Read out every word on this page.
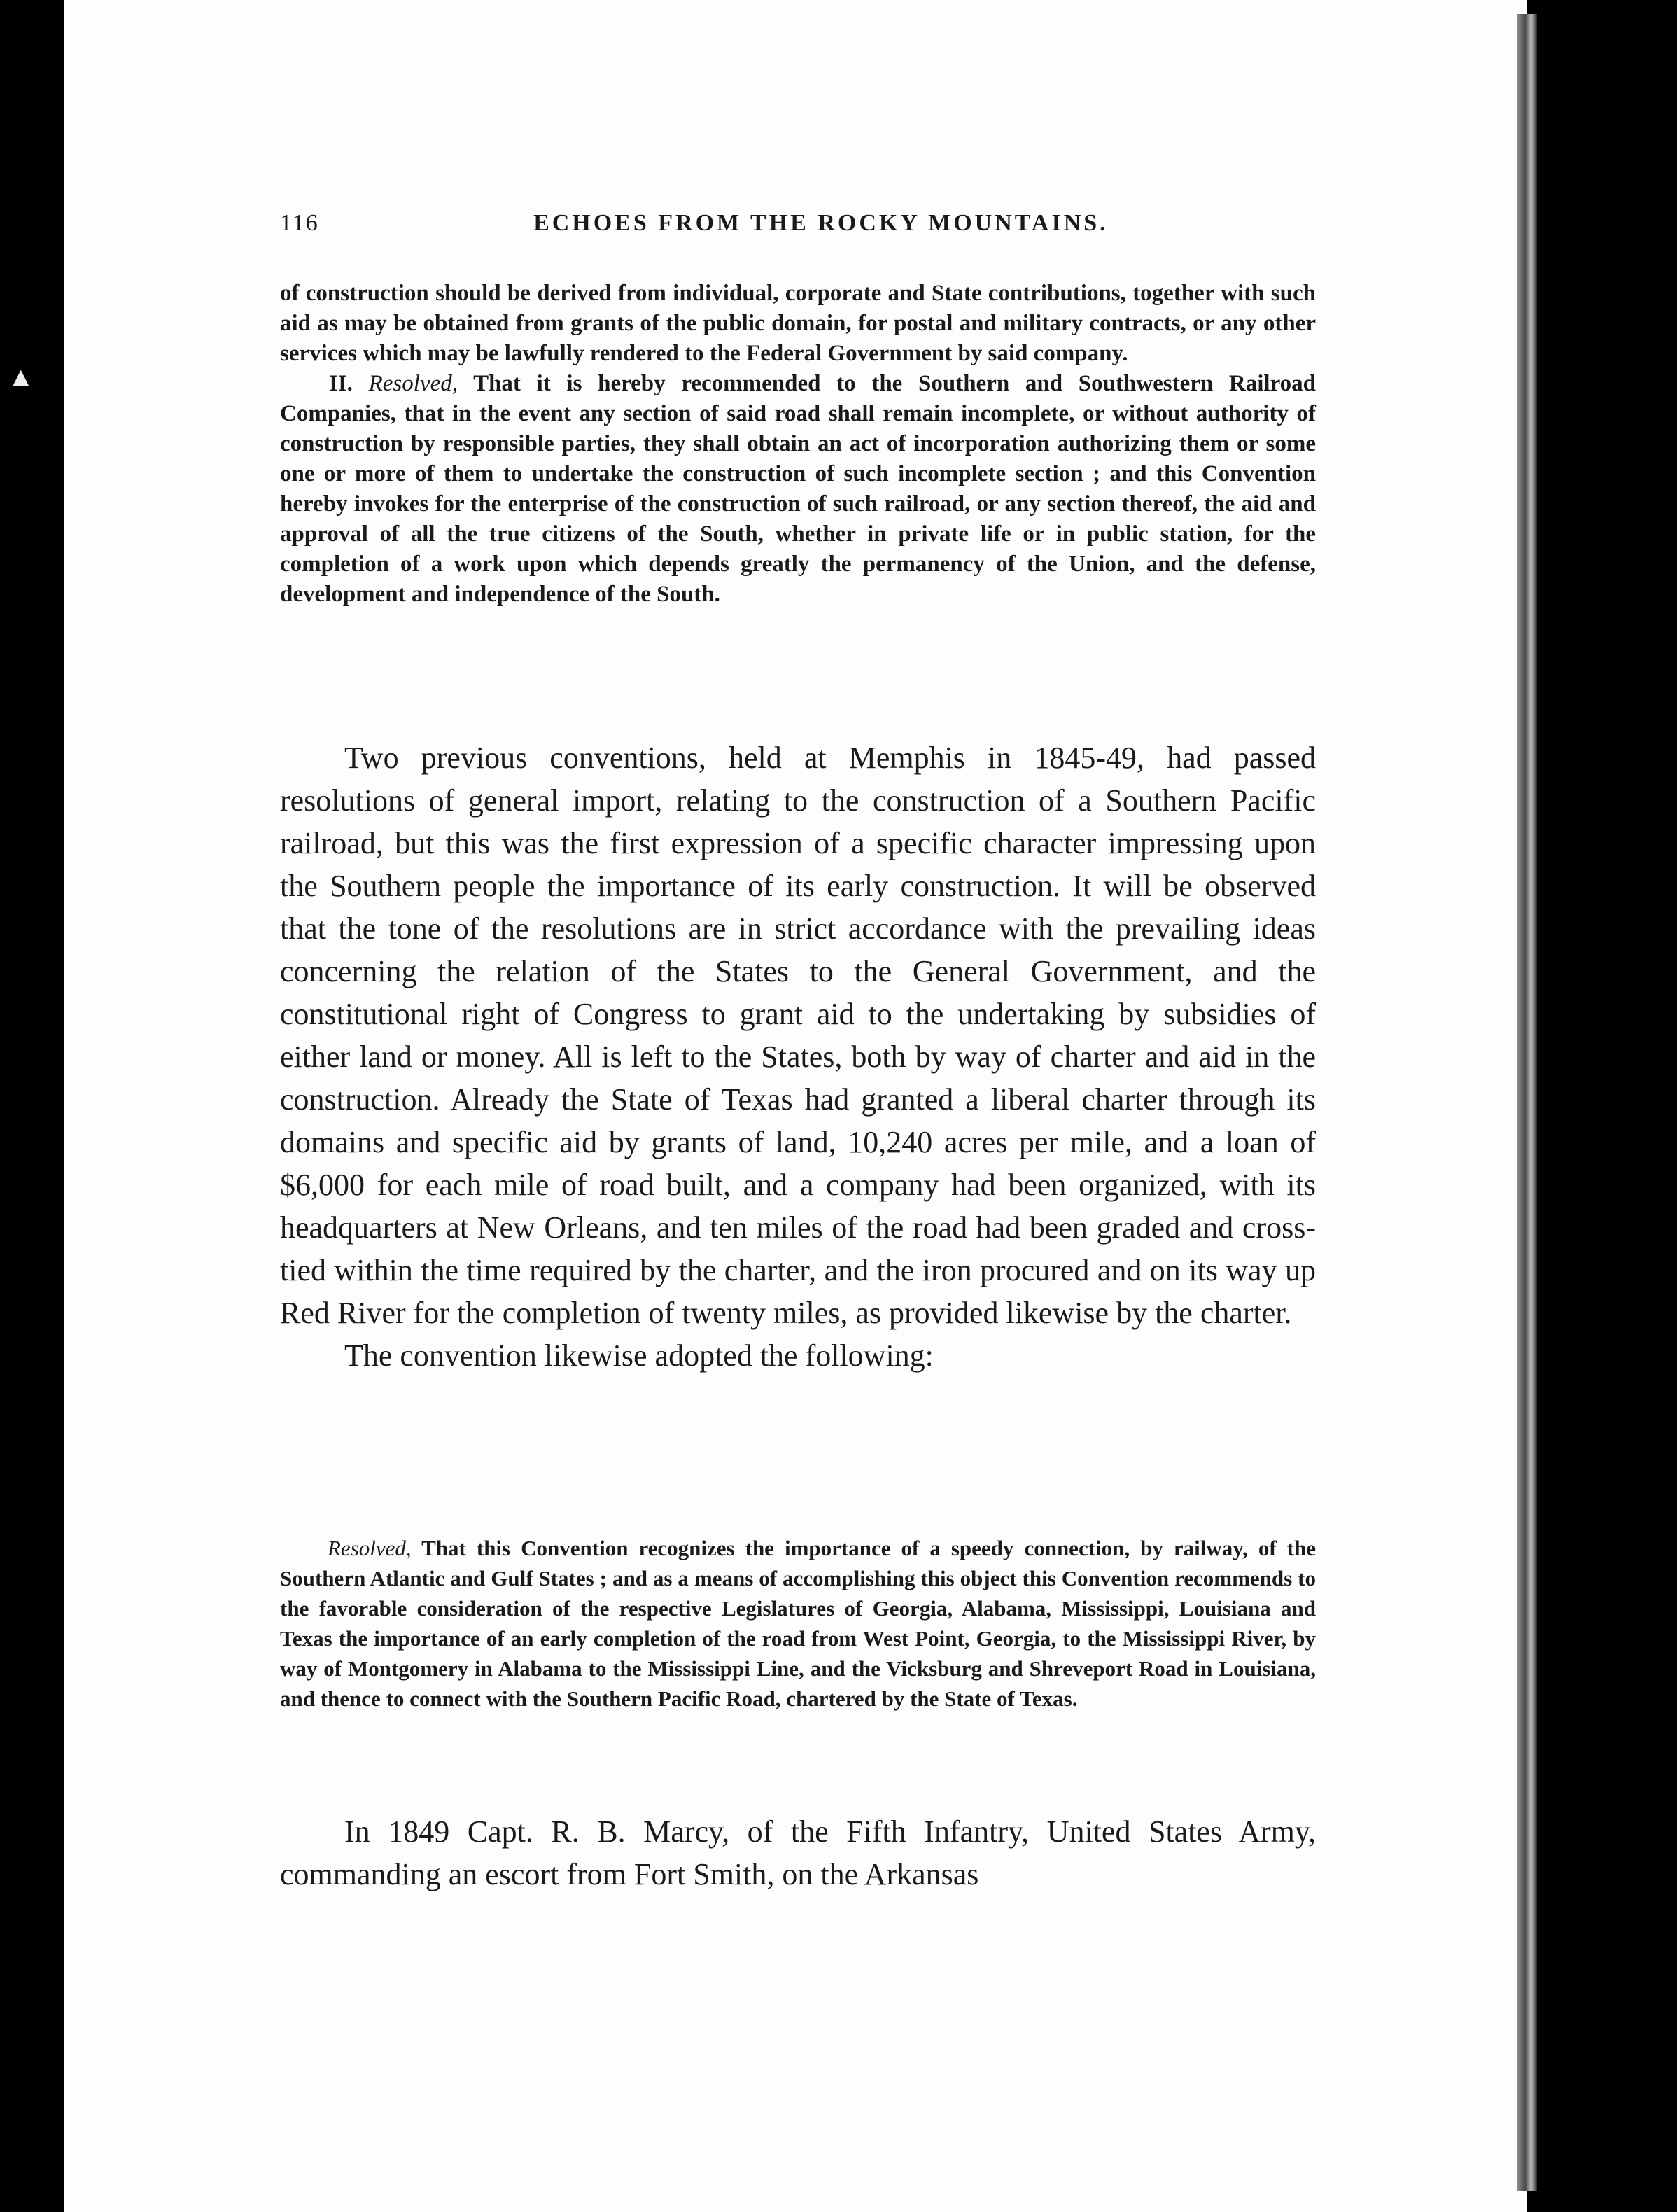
▲
116	ECHOES FROM THE ROCKY MOUNTAINS.

of construction should be derived from individual, corporate and State contributions, together with such aid as may be obtained from grants of the public domain, for postal and military contracts, or any other services which may be lawfully rendered to the Federal Government by said company.

II. Resolved, That it is hereby recommended to the Southern and Southwestern Railroad Companies, that in the event any section of said road shall remain incomplete, or without authority of construction by responsible parties, they shall obtain an act of incorporation authorizing them or some one or more of them to undertake the construction of such incomplete section ; and this Convention hereby invokes for the enterprise of the construction of such railroad, or any section thereof, the aid and approval of all the true citizens of the South, whether in private life or in public station, for the completion of a work upon which depends greatly the permanency of the Union, and the defense, development and independence of the South.

Two previous conventions, held at Memphis in 1845-49, had passed resolutions of general import, relating to the construction of a Southern Pacific railroad, but this was the first expression of a specific character impressing upon the Southern people the importance of its early construction. It will be observed that the tone of the resolutions are in strict accordance with the prevailing ideas concerning the relation of the States to the General Government, and the constitutional right of Congress to grant aid to the undertaking by subsidies of either land or money. All is left to the States, both by way of charter and aid in the construction. Already the State of Texas had granted a liberal charter through its domains and specific aid by grants of land, 10,240 acres per mile, and a loan of $6,000 for each mile of road built, and a company had been organized, with its headquarters at New Orleans, and ten miles of the road had been graded and cross-tied within the time required by the charter, and the iron procured and on its way up Red River for the completion of twenty miles, as provided likewise by the charter.

The convention likewise adopted the following:

Resolved, That this Convention recognizes the importance of a speedy connection, by railway, of the Southern Atlantic and Gulf States ; and as a means of accomplishing this object this Convention recommends to the favorable consideration of the respective Legislatures of Georgia, Alabama, Mississippi, Louisiana and Texas the importance of an early completion of the road from West Point, Georgia, to the Mississippi River, by way of Montgomery in Alabama to the Mississippi Line, and the Vicksburg and Shreveport Road in Louisiana, and thence to connect with the Southern Pacific Road, chartered by the State of Texas.

In 1849 Capt. R. B. Marcy, of the Fifth Infantry, United States Army, commanding an escort from Fort Smith, on the Arkansas
